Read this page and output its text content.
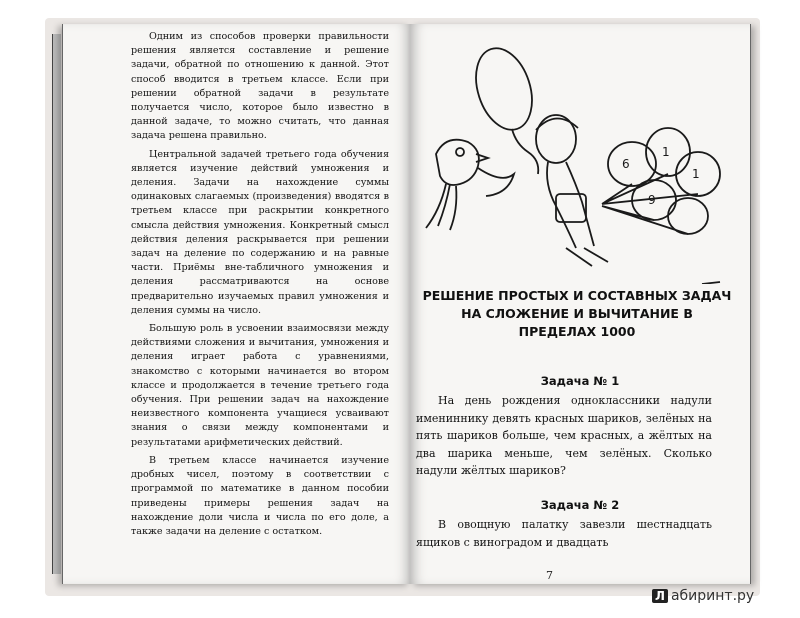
Одним из способов проверки правильности решения является составление и решение задачи, обратной по отношению к данной. Этот способ вводится в третьем классе. Если при решении обратной задачи в результате получается число, которое было известно в данной задаче, то можно считать, что данная задача решена правильно.

Центральной задачей третьего года обучения является изучение действий умножения и деления. Задачи на нахождение суммы одинаковых слагаемых (произведения) вводятся в третьем классе при раскрытии конкретного смысла действия умножения. Конкретный смысл действия деления раскрывается при решении задач на деление по содержанию и на равные части. Приёмы вне-табличного умножения и деления рассматриваются на основе предварительно изучаемых правил умножения и деления суммы на число.

Большую роль в усвоении взаимосвязи между действиями сложения и вычитания, умножения и деления играет работа с уравнениями, знакомство с которыми начинается во втором классе и продолжается в течение третьего года обучения. При решении задач на нахождение неизвестного компонента учащиеся усваивают знания о связи между компонентами и результатами арифметических действий.

В третьем классе начинается изучение дробных чисел, поэтому в соответствии с программой по математике в данном пособии приведены примеры решения задач на нахождение доли числа и числа по его доле, а также задачи на деление с остатком.

6
1
1
9
РЕШЕНИЕ ПРОСТЫХ И СОСТАВНЫХ ЗАДАЧ НА СЛОЖЕНИЕ И ВЫЧИТАНИЕ В ПРЕДЕЛАХ 1000
Задача № 1

На день рождения одноклассники надули имениннику девять красных шариков, зелёных на пять шариков больше, чем красных, а жёлтых на два шарика меньше, чем зелёных. Сколько надули жёлтых шариков?

Задача № 2

В овощную палатку завезли шестнадцать ящиков с виноградом и двадцать

7
Л абиринт.ру
